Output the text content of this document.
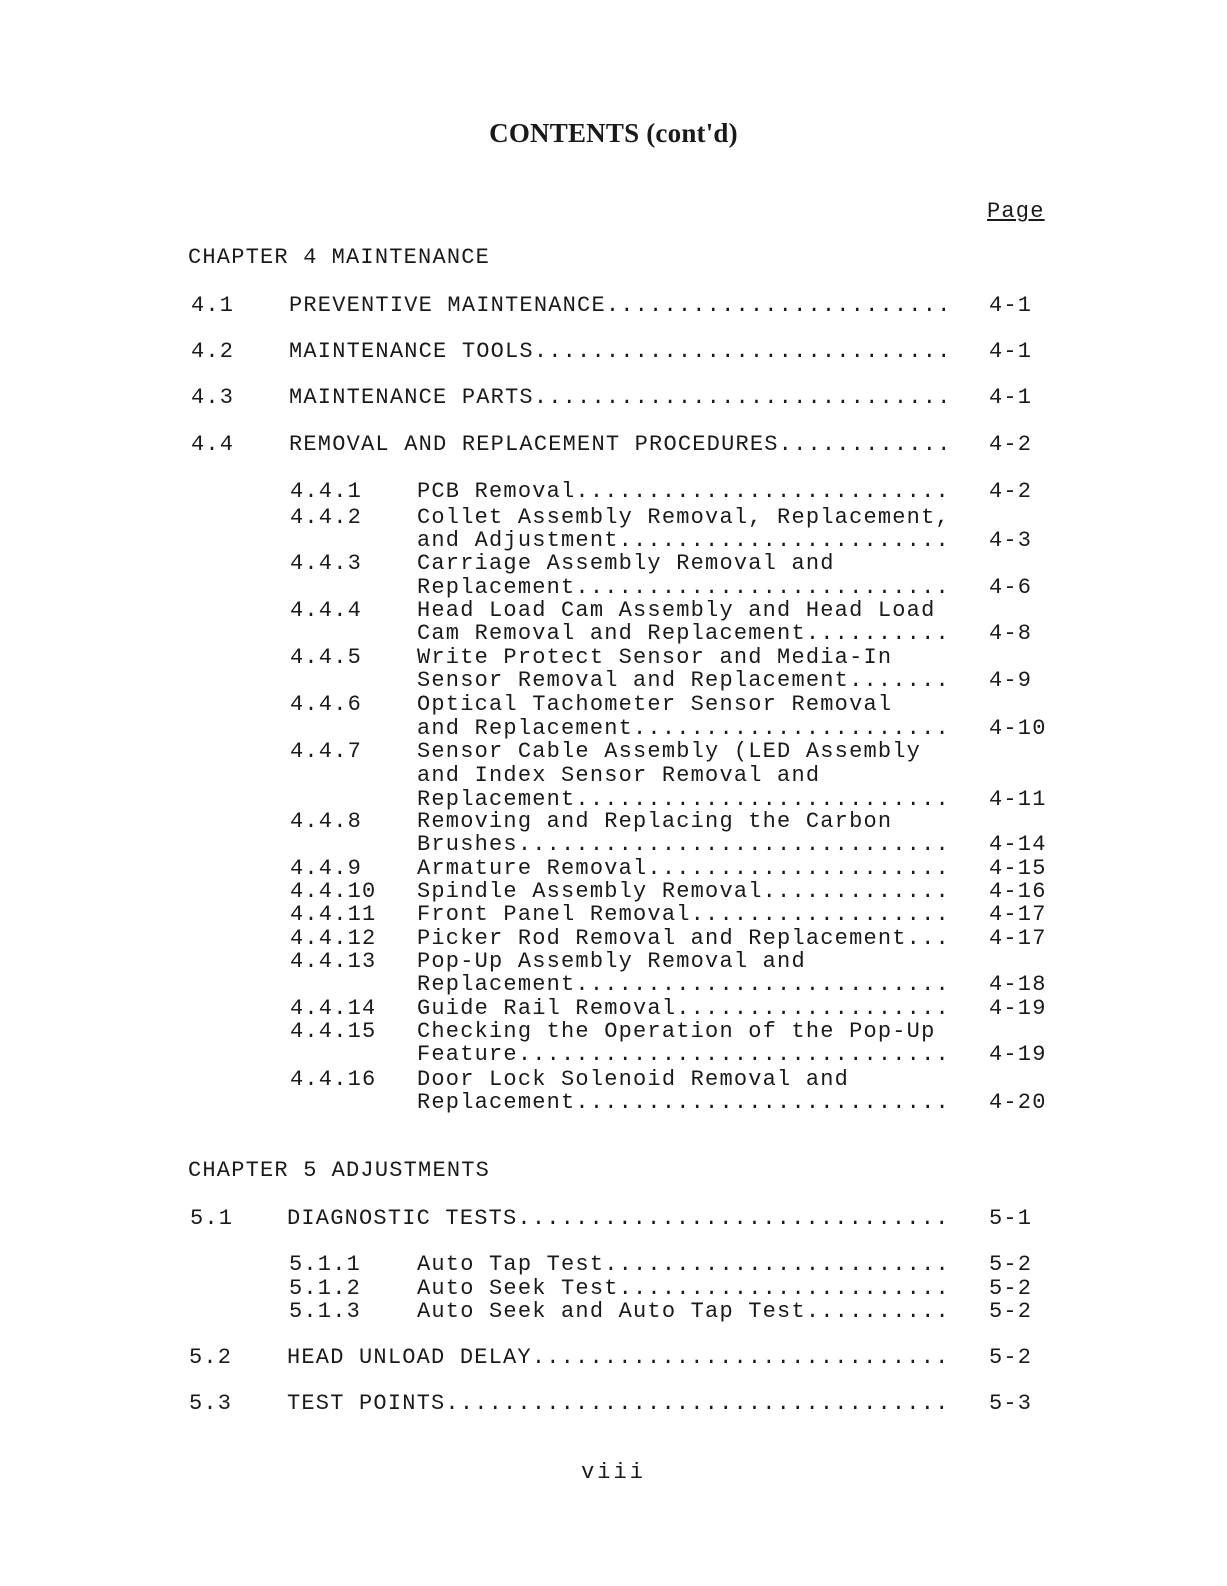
CONTENTS (cont'd)
Page
CHAPTER 4 MAINTENANCE
4.1 PREVENTIVE MAINTENANCE........................ 4-1
4.2 MAINTENANCE TOOLS............................. 4-1
4.3 MAINTENANCE PARTS............................. 4-1
4.4 REMOVAL AND REPLACEMENT PROCEDURES............ 4-2
4.4.1 PCB Removal.......................... 4-2
4.4.2 Collet Assembly Removal, Replacement,
and Adjustment....................... 4-3
4.4.3 Carriage Assembly Removal and
Replacement.......................... 4-6
4.4.4 Head Load Cam Assembly and Head Load
Cam Removal and Replacement.......... 4-8
4.4.5 Write Protect Sensor and Media-In
Sensor Removal and Replacement....... 4-9
4.4.6 Optical Tachometer Sensor Removal
and Replacement...................... 4-10
4.4.7 Sensor Cable Assembly (LED Assembly
and Index Sensor Removal and
Replacement.......................... 4-11
4.4.8 Removing and Replacing the Carbon
Brushes.............................. 4-14
4.4.9 Armature Removal..................... 4-15
4.4.10 Spindle Assembly Removal............. 4-16
4.4.11 Front Panel Removal.................. 4-17
4.4.12 Picker Rod Removal and Replacement... 4-17
4.4.13 Pop-Up Assembly Removal and
Replacement.......................... 4-18
4.4.14 Guide Rail Removal................... 4-19
4.4.15 Checking the Operation of the Pop-Up
Feature.............................. 4-19
4.4.16 Door Lock Solenoid Removal and
Replacement.......................... 4-20
CHAPTER 5 ADJUSTMENTS
5.1 DIAGNOSTIC TESTS.............................. 5-1
5.1.1	Auto Tap Test........................ 5-2
5.1.2	Auto Seek Test....................... 5-2
5.1.3	Auto Seek and Auto Tap Test.......... 5-2
5.2 HEAD UNLOAD DELAY............................. 5-2
5.3 TEST POINTS................................... 5-3
viii
